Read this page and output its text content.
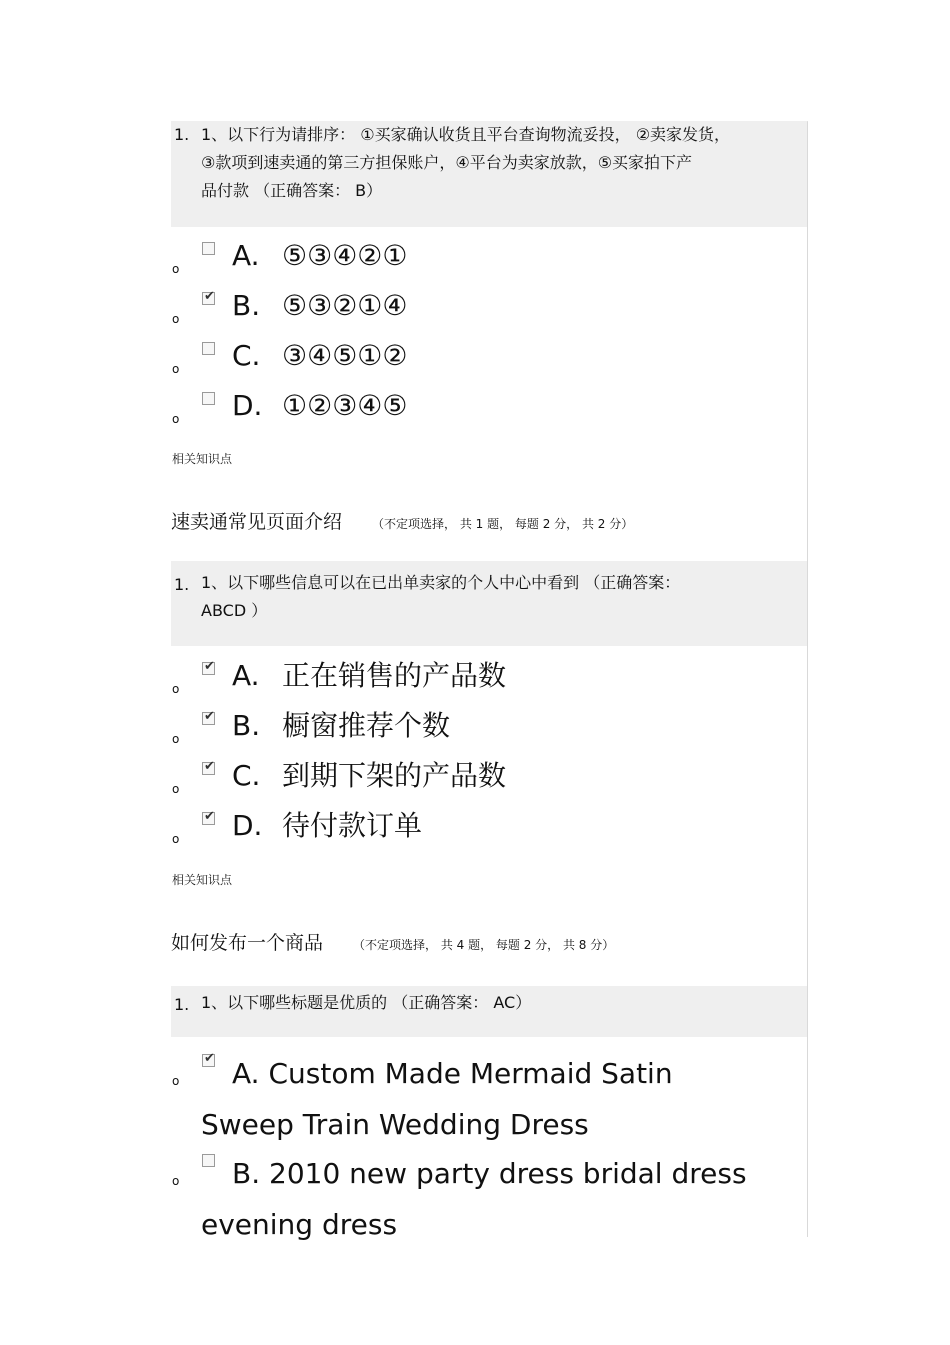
1. 1、以下行为请排序： ①买家确认收货且平台查询物流妥投， ②卖家发货，
③款项到速卖通的第三方担保账户，④平台为卖家放款，⑤买家拍下产
品付款 （正确答案： B）
o A. ⑤③④②①
o
✔ B. ⑤③②①④
o C. ③④⑤①②
o D. ①②③④⑤
相关知识点
速卖通常见页面介绍	（不定项选择， 共 1 题， 每题 2 分， 共 2 分）
1. 1、以下哪些信息可以在已出单卖家的个人中心中看到 （正确答案：
ABCD ）
o
✔ A. 正在销售的产品数
o
✔ B. 橱窗推荐个数
o
✔ C. 到期下架的产品数
o
✔ D. 待付款订单
相关知识点
如何发布一个商品	（不定项选择， 共 4 题， 每题 2 分， 共 8 分）
1. 1、以下哪些标题是优质的 （正确答案： AC）
o
✔ A. Custom Made Mermaid Satin
Sweep Train Wedding Dress
o B. 2010 new party dress bridal dress
evening dress
